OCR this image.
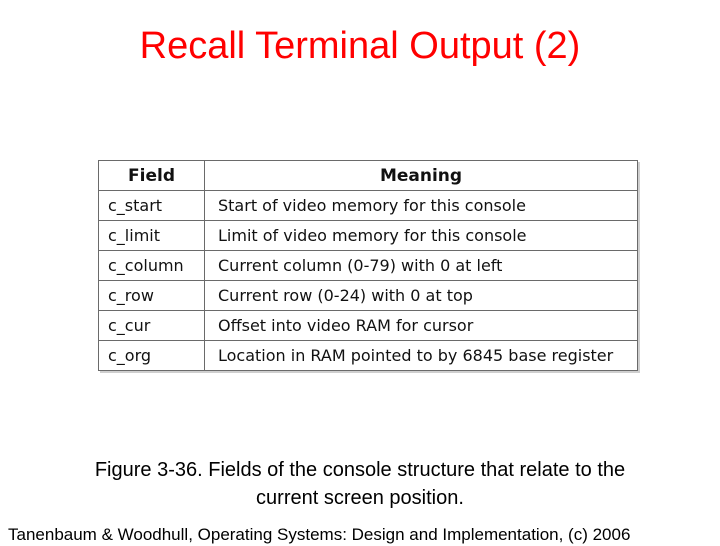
Recall Terminal Output (2)
Field	Meaning
c_start	Start of video memory for this console
c_limit	Limit of video memory for this console
c_column	Current column (0-79) with 0 at left
c_row	Current row (0-24) with 0 at top
c_cur	Offset into video RAM for cursor
c_org	Location in RAM pointed to by 6845 base register
Figure 3-36. Fields of the console structure that relate to the
current screen position.
Tanenbaum & Woodhull, Operating Systems: Design and Implementation, (c) 2006
